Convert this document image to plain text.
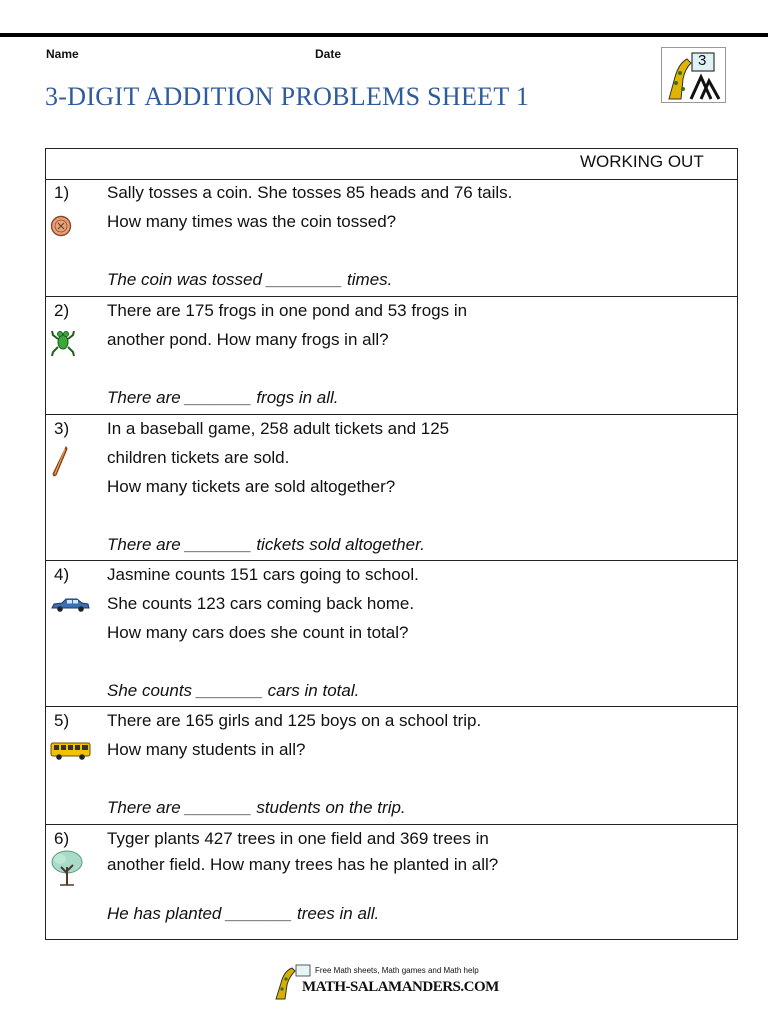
Name	Date
3-DIGIT ADDITION PROBLEMS SHEET 1
3
WORKING OUT
1) Sally tosses a coin. She tosses 85 heads and 76 tails.
How many times was the coin tossed?
The coin was tossed ________ times.
2) There are 175 frogs in one pond and 53 frogs in
another pond. How many frogs in all?
There are _______ frogs in all.
3) In a baseball game, 258 adult tickets and 125
children tickets are sold.
How many tickets are sold altogether?
There are _______ tickets sold altogether.
4) Jasmine counts 151 cars going to school.
She counts 123 cars coming back home.
How many cars does she count in total?
She counts _______ cars in total.
5) There are 165 girls and 125 boys on a school trip.
How many students in all?
There are _______ students on the trip.
6) Tyger plants 427 trees in one field and 369 trees in
another field. How many trees has he planted in all?
He has planted _______ trees in all.
Free Math sheets, Math games and Math help
MATH-SALAMANDERS.COM
